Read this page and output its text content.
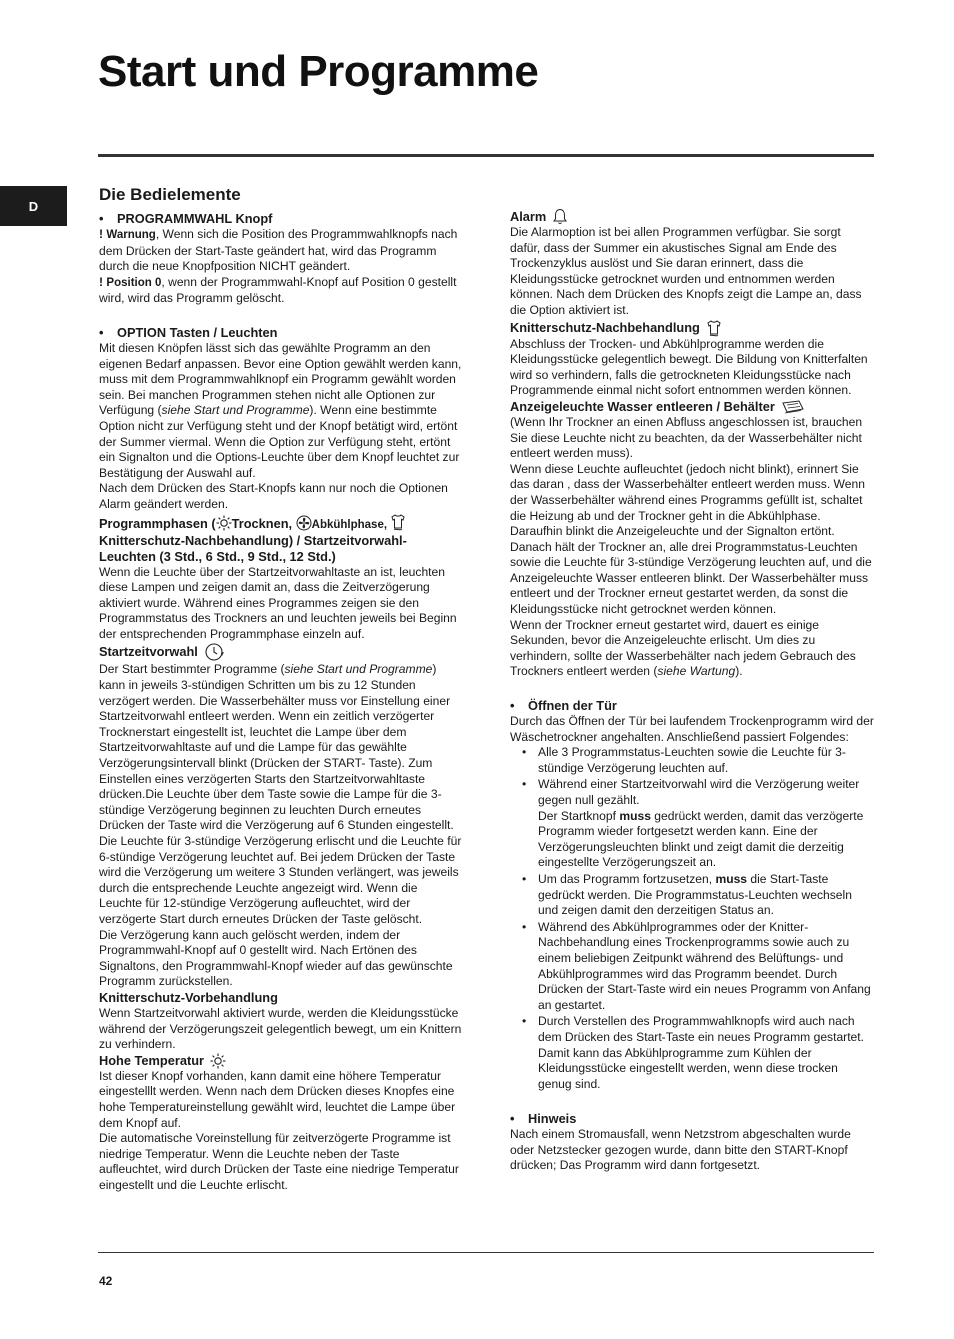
Start und Programme
D
Die Bedielemente

• PROGRAMMWAHL Knopf

! Warnung, Wenn sich die Position des Programmwahlknopfs nach dem Drücken der Start-Taste geändert hat, wird das Programm durch die neue Knopfposition NICHT geändert.

! Position 0, wenn der Programmwahl-Knopf auf Position 0 gestellt wird, wird das Programm gelöscht.

• OPTION Tasten / Leuchten

Mit diesen Knöpfen lässt sich das gewählte Programm an den eigenen Bedarf anpassen. Bevor eine Option gewählt werden kann, muss mit dem Programmwahlknopf ein Programm gewählt worden sein. Bei manchen Programmen stehen nicht alle Optionen zur Verfügung (siehe Start und Programme). Wenn eine bestimmte Option nicht zur Verfügung steht und der Knopf betätigt wird, ertönt der Summer viermal. Wenn die Option zur Verfügung steht, ertönt ein Signalton und die Options-Leuchte über dem Knopf leuchtet zur Bestätigung der Auswahl auf.

Nach dem Drücken des Start-Knopfs kann nur noch die Optionen Alarm geändert werden.

Programmphasen ( Trocknen, Abkühlphase,
Knitterschutz-Nachbehandlung) / Startzeitvorwahl-Leuchten (3 Std., 6 Std., 9 Std., 12 Std.)

Wenn die Leuchte über der Startzeitvorwahltaste an ist, leuchten diese Lampen und zeigen damit an, dass die Zeitverzögerung aktiviert wurde. Während eines Programmes zeigen sie den Programmstatus des Trockners an und leuchten jeweils bei Beginn der entsprechenden Programmphase einzeln auf.

Startzeitvorwahl

Der Start bestimmter Programme (siehe Start und Programme) kann in jeweils 3-stündigen Schritten um bis zu 12 Stunden verzögert werden. Die Wasserbehälter muss vor Einstellung einer Startzeitvorwahl entleert werden. Wenn ein zeitlich verzögerter Trocknerstart eingestellt ist, leuchtet die Lampe über dem Startzeitvorwahltaste auf und die Lampe für das gewählte Verzögerungsintervall blinkt (Drücken der START- Taste). Zum Einstellen eines verzögerten Starts den Startzeitvorwahltaste drücken.Die Leuchte über dem Taste sowie die Lampe für die 3-stündige Verzögerung beginnen zu leuchten Durch erneutes Drücken der Taste wird die Verzögerung auf 6 Stunden eingestellt. Die Leuchte für 3-stündige Verzögerung erlischt und die Leuchte für 6-stündige Verzögerung leuchtet auf. Bei jedem Drücken der Taste wird die Verzögerung um weitere 3 Stunden verlängert, was jeweils durch die entsprechende Leuchte angezeigt wird. Wenn die Leuchte für 12-stündige Verzögerung aufleuchtet, wird der verzögerte Start durch erneutes Drücken der Taste gelöscht.

Die Verzögerung kann auch gelöscht werden, indem der Programmwahl-Knopf auf 0 gestellt wird. Nach Ertönen des Signaltons, den Programmwahl-Knopf wieder auf das gewünschte Programm zurückstellen.

Knitterschutz-Vorbehandlung

Wenn Startzeitvorwahl aktiviert wurde, werden die Kleidungsstücke während der Verzögerungszeit gelegentlich bewegt, um ein Knittern zu verhindern.

Hohe Temperatur

Ist dieser Knopf vorhanden, kann damit eine höhere Temperatur eingestelllt werden. Wenn nach dem Drücken dieses Knopfes eine hohe Temperatureinstellung gewählt wird, leuchtet die Lampe über dem Knopf auf.

Die automatische Voreinstellung für zeitverzögerte Programme ist niedrige Temperatur. Wenn die Leuchte neben der Taste aufleuchtet, wird durch Drücken der Taste eine niedrige Temperatur eingestellt und die Leuchte erlischt.

Alarm

Die Alarmoption ist bei allen Programmen verfügbar. Sie sorgt dafür, dass der Summer ein akustisches Signal am Ende des Trockenzyklus auslöst und Sie daran erinnert, dass die Kleidungsstücke getrocknet wurden und entnommen werden können. Nach dem Drücken des Knopfs zeigt die Lampe an, dass die Option aktiviert ist.

Knitterschutz-Nachbehandlung

Abschluss der Trocken- und Abkühlprogramme werden die Kleidungsstücke gelegentlich bewegt. Die Bildung von Knitterfalten wird so verhindern, falls die getrockneten Kleidungsstücke nach Programmende einmal nicht sofort entnommen werden können.

Anzeigeleuchte Wasser entleeren / Behälter

(Wenn Ihr Trockner an einen Abfluss angeschlossen ist, brauchen Sie diese Leuchte nicht zu beachten, da der Wasserbehälter nicht entleert werden muss).

Wenn diese Leuchte aufleuchtet (jedoch nicht blinkt), erinnert Sie das daran , dass der Wasserbehälter entleert werden muss. Wenn der Wasserbehälter während eines Programms gefüllt ist, schaltet die Heizung ab und der Trockner geht in die Abkühlphase. Daraufhin blinkt die Anzeigeleuchte und der Signalton ertönt. Danach hält der Trockner an, alle drei Programmstatus-Leuchten sowie die Leuchte für 3-stündige Verzögerung leuchten auf, und die Anzeigeleuchte Wasser entleeren blinkt. Der Wasserbehälter muss entleert und der Trockner erneut gestartet werden, da sonst die Kleidungsstücke nicht getrocknet werden können.

Wenn der Trockner erneut gestartet wird, dauert es einige Sekunden, bevor die Anzeigeleuchte erlischt. Um dies zu verhindern, sollte der Wasserbehälter nach jedem Gebrauch des Trockners entleert werden (siehe Wartung).

• Öffnen der Tür

Durch das Öffnen der Tür bei laufendem Trockenprogramm wird der Wäschetrockner angehalten. Anschließend passiert Folgendes:

• Alle 3 Programmstatus-Leuchten sowie die Leuchte für 3-stündige Verzögerung leuchten auf.
• Während einer Startzeitvorwahl wird die Verzögerung weiter gegen null gezählt.
Der Startknopf muss gedrückt werden, damit das verzögerte Programm wieder fortgesetzt werden kann. Eine der Verzögerungsleuchten blinkt und zeigt damit die derzeitig eingestellte Verzögerungszeit an.
• Um das Programm fortzusetzen, muss die Start-Taste gedrückt werden. Die Programmstatus-Leuchten wechseln und zeigen damit den derzeitigen Status an.
• Während des Abkühlprogrammes oder der Knitter-Nachbehandlung eines Trockenprogramms sowie auch zu einem beliebigen Zeitpunkt während des Belüftungs- und Abkühlprogrammes wird das Programm beendet. Durch Drücken der Start-Taste wird ein neues Programm von Anfang an gestartet.
• Durch Verstellen des Programmwahlknopfs wird auch nach dem Drücken des Start-Taste ein neues Programm gestartet. Damit kann das Abkühlprogramme zum Kühlen der Kleidungsstücke eingestellt werden, wenn diese trocken genug sind.

• Hinweis

Nach einem Stromausfall, wenn Netzstrom abgeschalten wurde oder Netzstecker gezogen wurde, dann bitte den START-Knopf drücken; Das Programm wird dann fortgesetzt.

42
